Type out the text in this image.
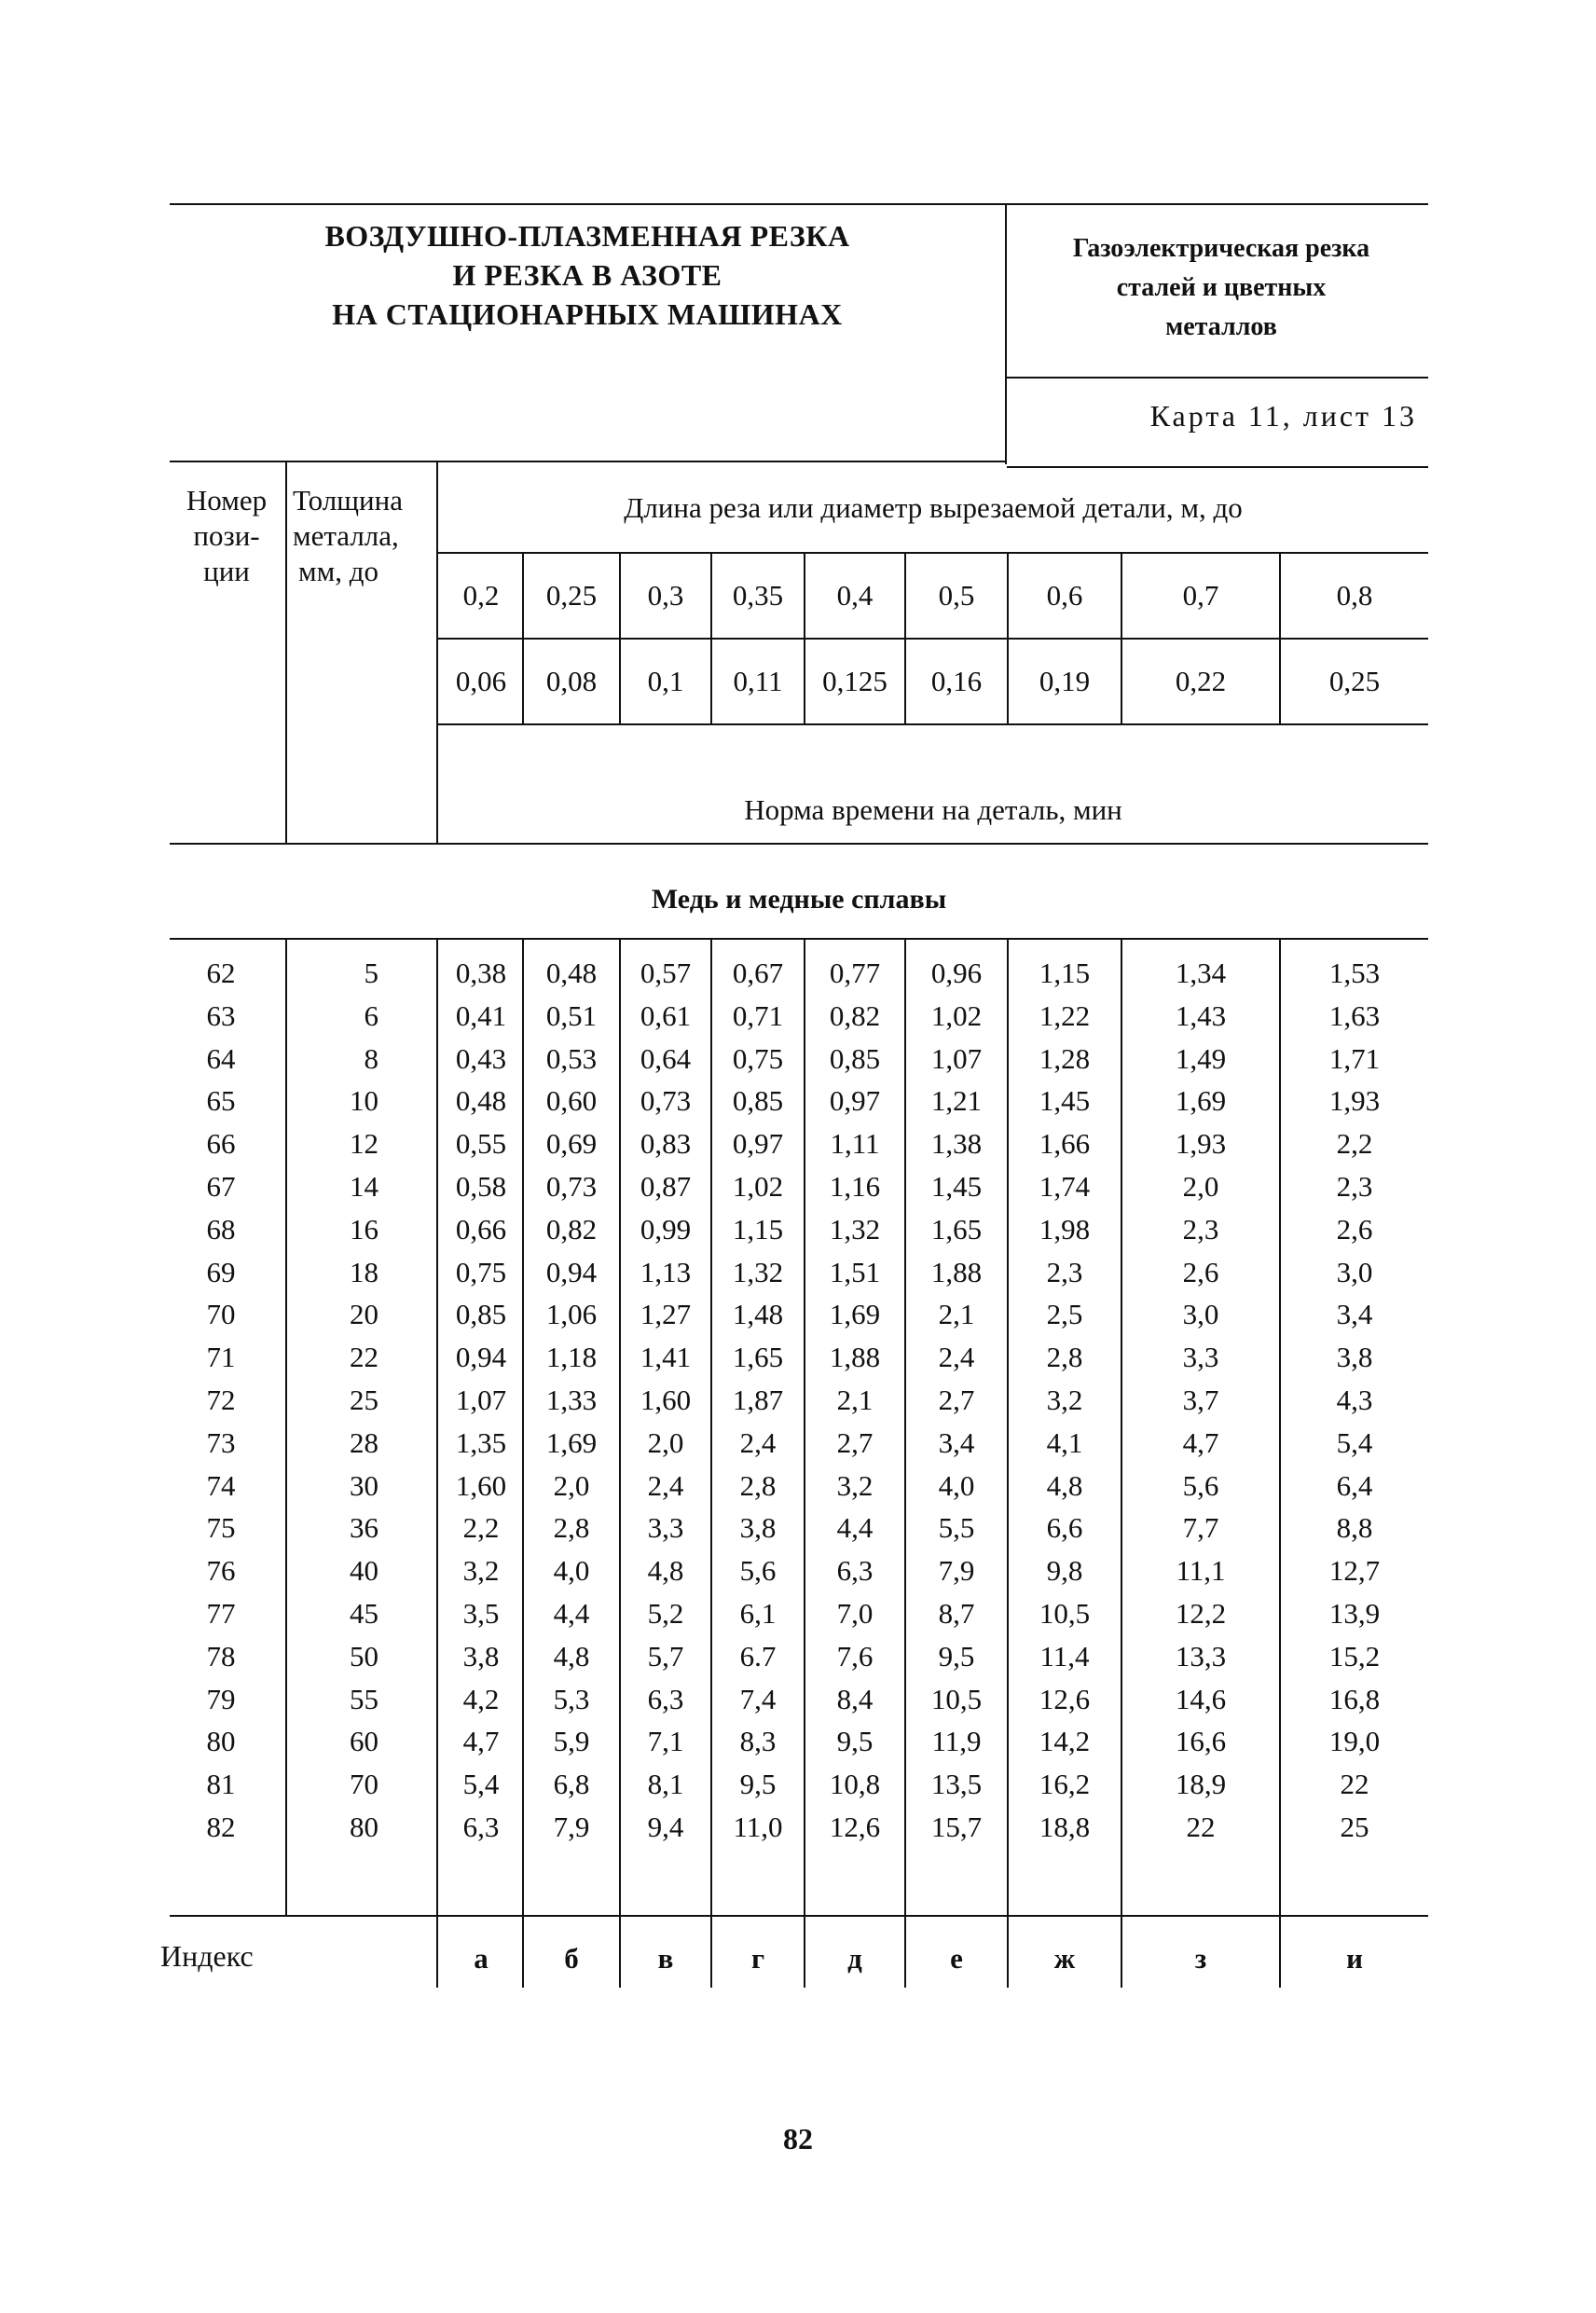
ВОЗДУШНО-ПЛАЗМЕННАЯ РЕЗКА
И РЕЗКА В АЗОТЕ
НА СТАЦИОНАРНЫХ МАШИНАХ
Газоэлектрическая резка
сталей и цветных
металлов
Карта 11, лист 13
Номер
пози-
ции
Толщина
металла,
мм, до
Длина реза или диаметр вырезаемой детали, м, до
Норма времени на деталь, мин
Медь и медные сплавы
0,2	0,25	0,3	0,35	0,4	0,5	0,6	0,7	0,8
0,06	0,08	0,1	0,11	0,125	0,16	0,19	0,22	0,25
62	5	0,38	0,48	0,57	0,67	0,77	0,96	1,15	1,34	1,53
63	6	0,41	0,51	0,61	0,71	0,82	1,02	1,22	1,43	1,63
64	8	0,43	0,53	0,64	0,75	0,85	1,07	1,28	1,49	1,71
65	10	0,48	0,60	0,73	0,85	0,97	1,21	1,45	1,69	1,93
66	12	0,55	0,69	0,83	0,97	1,11	1,38	1,66	1,93	2,2
67	14	0,58	0,73	0,87	1,02	1,16	1,45	1,74	2,0	2,3
68	16	0,66	0,82	0,99	1,15	1,32	1,65	1,98	2,3	2,6
69	18	0,75	0,94	1,13	1,32	1,51	1,88	2,3	2,6	3,0
70	20	0,85	1,06	1,27	1,48	1,69	2,1	2,5	3,0	3,4
71	22	0,94	1,18	1,41	1,65	1,88	2,4	2,8	3,3	3,8
72	25	1,07	1,33	1,60	1,87	2,1	2,7	3,2	3,7	4,3
73	28	1,35	1,69	2,0	2,4	2,7	3,4	4,1	4,7	5,4
74	30	1,60	2,0	2,4	2,8	3,2	4,0	4,8	5,6	6,4
75	36	2,2	2,8	3,3	3,8	4,4	5,5	6,6	7,7	8,8
76	40	3,2	4,0	4,8	5,6	6,3	7,9	9,8	11,1	12,7
77	45	3,5	4,4	5,2	6,1	7,0	8,7	10,5	12,2	13,9
78	50	3,8	4,8	5,7	6.7	7,6	9,5	11,4	13,3	15,2
79	55	4,2	5,3	6,3	7,4	8,4	10,5	12,6	14,6	16,8
80	60	4,7	5,9	7,1	8,3	9,5	11,9	14,2	16,6	19,0
81	70	5,4	6,8	8,1	9,5	10,8	13,5	16,2	18,9	22
82	80	6,3	7,9	9,4	11,0	12,6	15,7	18,8	22	25
Индекс	а	б	в	г	д	е	ж	з	и
82
